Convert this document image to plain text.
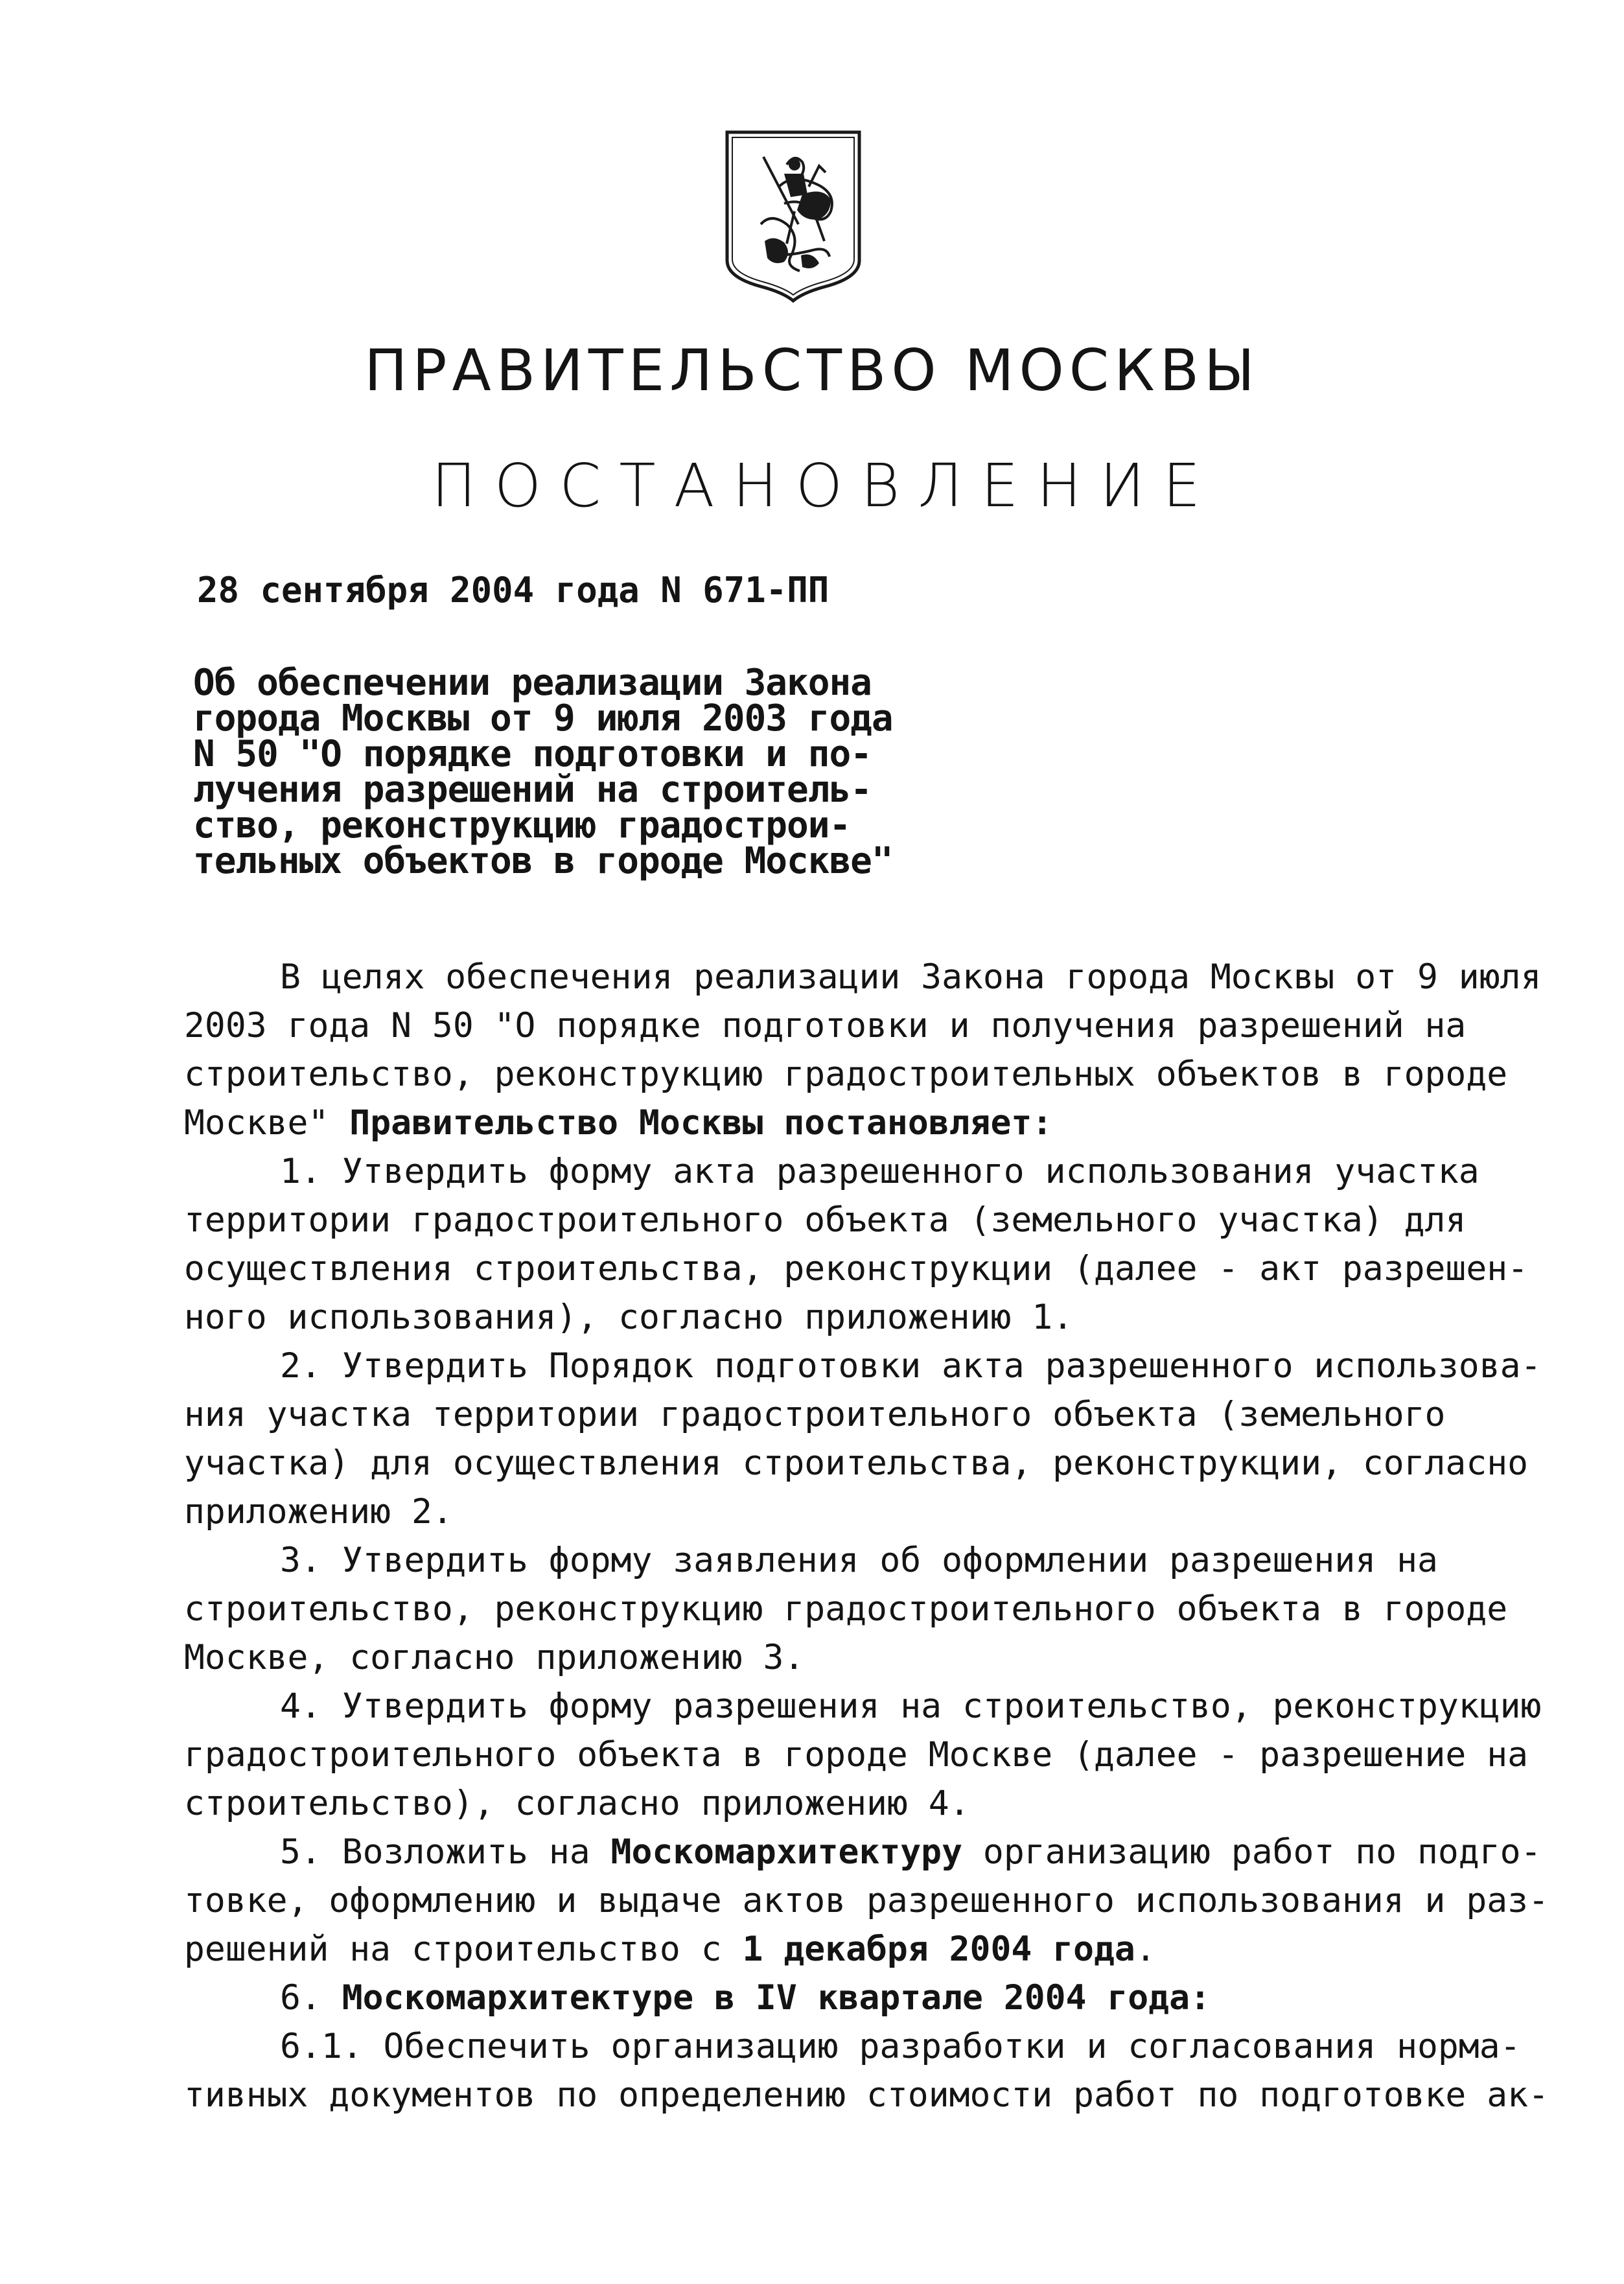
ПРАВИТЕЛЬСТВО МОСКВЫ
ПОСТАНОВЛЕНИЕ
28 сентября 2004 года N 671-ПП
Об обеспечении реализации Закона
города Москвы от 9 июля 2003 года
N 50 "О порядке подготовки и по-
лучения разрешений на строитель-
ство, реконструкцию градострои-
тельных объектов в городе Москве"

В целях обеспечения реализации Закона города Москвы от 9 июля

2003 года N 50 "О порядке подготовки и получения разрешений на

строительство, реконструкцию градостроительных объектов в городе

Москве" Правительство Москвы постановляет:

1. Утвердить форму акта разрешенного использования участка

территории градостроительного объекта (земельного участка) для

осуществления строительства, реконструкции (далее - акт разрешен-

ного использования), согласно приложению 1.

2. Утвердить Порядок подготовки акта разрешенного использова-

ния участка территории градостроительного объекта (земельного

участка) для осуществления строительства, реконструкции, согласно

приложению 2.

3. Утвердить форму заявления об оформлении разрешения на

строительство, реконструкцию градостроительного объекта в городе

Москве, согласно приложению 3.

4. Утвердить форму разрешения на строительство, реконструкцию

градостроительного объекта в городе Москве (далее - разрешение на

строительство), согласно приложению 4.

5. Возложить на Москомархитектуру организацию работ по подго-

товке, оформлению и выдаче актов разрешенного использования и раз-

решений на строительство с 1 декабря 2004 года.

6. Москомархитектуре в IV квартале 2004 года:

6.1. Обеспечить организацию разработки и согласования норма-

тивных документов по определению стоимости работ по подготовке ак-
